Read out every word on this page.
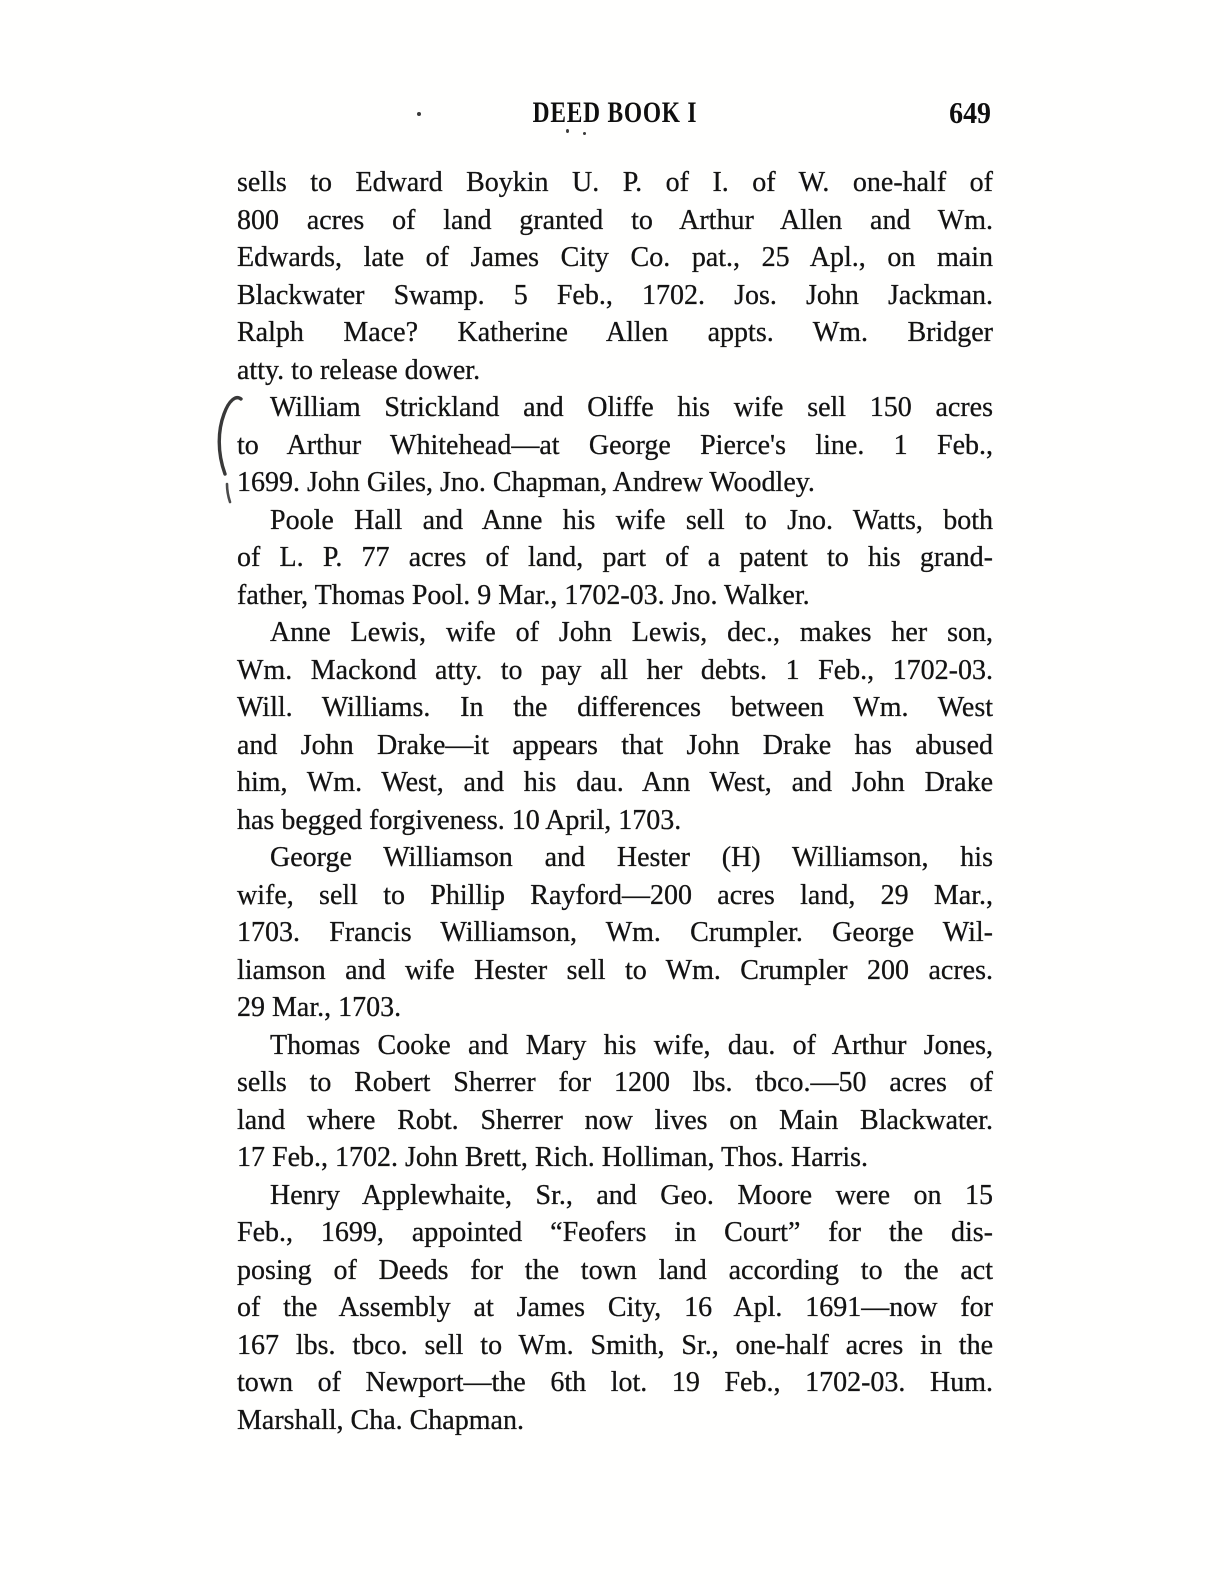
DEED BOOK I	649
sells to Edward Boykin U. P. of I. of W. one-half of
800 acres of land granted to Arthur Allen and Wm.
Edwards, late of James City Co. pat., 25 Apl., on main
Blackwater Swamp. 5 Feb., 1702. Jos. John Jackman.
Ralph Mace? Katherine Allen appts. Wm. Bridger
atty. to release dower.
William Strickland and Oliffe his wife sell 150 acres
to Arthur Whitehead—at George Pierce's line. 1 Feb.,
1699. John Giles, Jno. Chapman, Andrew Woodley.
Poole Hall and Anne his wife sell to Jno. Watts, both
of L. P. 77 acres of land, part of a patent to his grand-
father, Thomas Pool. 9 Mar., 1702-03. Jno. Walker.
Anne Lewis, wife of John Lewis, dec., makes her son,
Wm. Mackond atty. to pay all her debts. 1 Feb., 1702-03.
Will. Williams. In the differences between Wm. West
and John Drake—it appears that John Drake has abused
him, Wm. West, and his dau. Ann West, and John Drake
has begged forgiveness. 10 April, 1703.
George Williamson and Hester (H) Williamson, his
wife, sell to Phillip Rayford—200 acres land, 29 Mar.,
1703. Francis Williamson, Wm. Crumpler. George Wil-
liamson and wife Hester sell to Wm. Crumpler 200 acres.
29 Mar., 1703.
Thomas Cooke and Mary his wife, dau. of Arthur Jones,
sells to Robert Sherrer for 1200 lbs. tbco.—50 acres of
land where Robt. Sherrer now lives on Main Blackwater.
17 Feb., 1702. John Brett, Rich. Holliman, Thos. Harris.
Henry Applewhaite, Sr., and Geo. Moore were on 15
Feb., 1699, appointed “Feofers in Court” for the dis-
posing of Deeds for the town land according to the act
of the Assembly at James City, 16 Apl. 1691—now for
167 lbs. tbco. sell to Wm. Smith, Sr., one-half acres in the
town of Newport—the 6th lot. 19 Feb., 1702-03. Hum.
Marshall, Cha. Chapman.
